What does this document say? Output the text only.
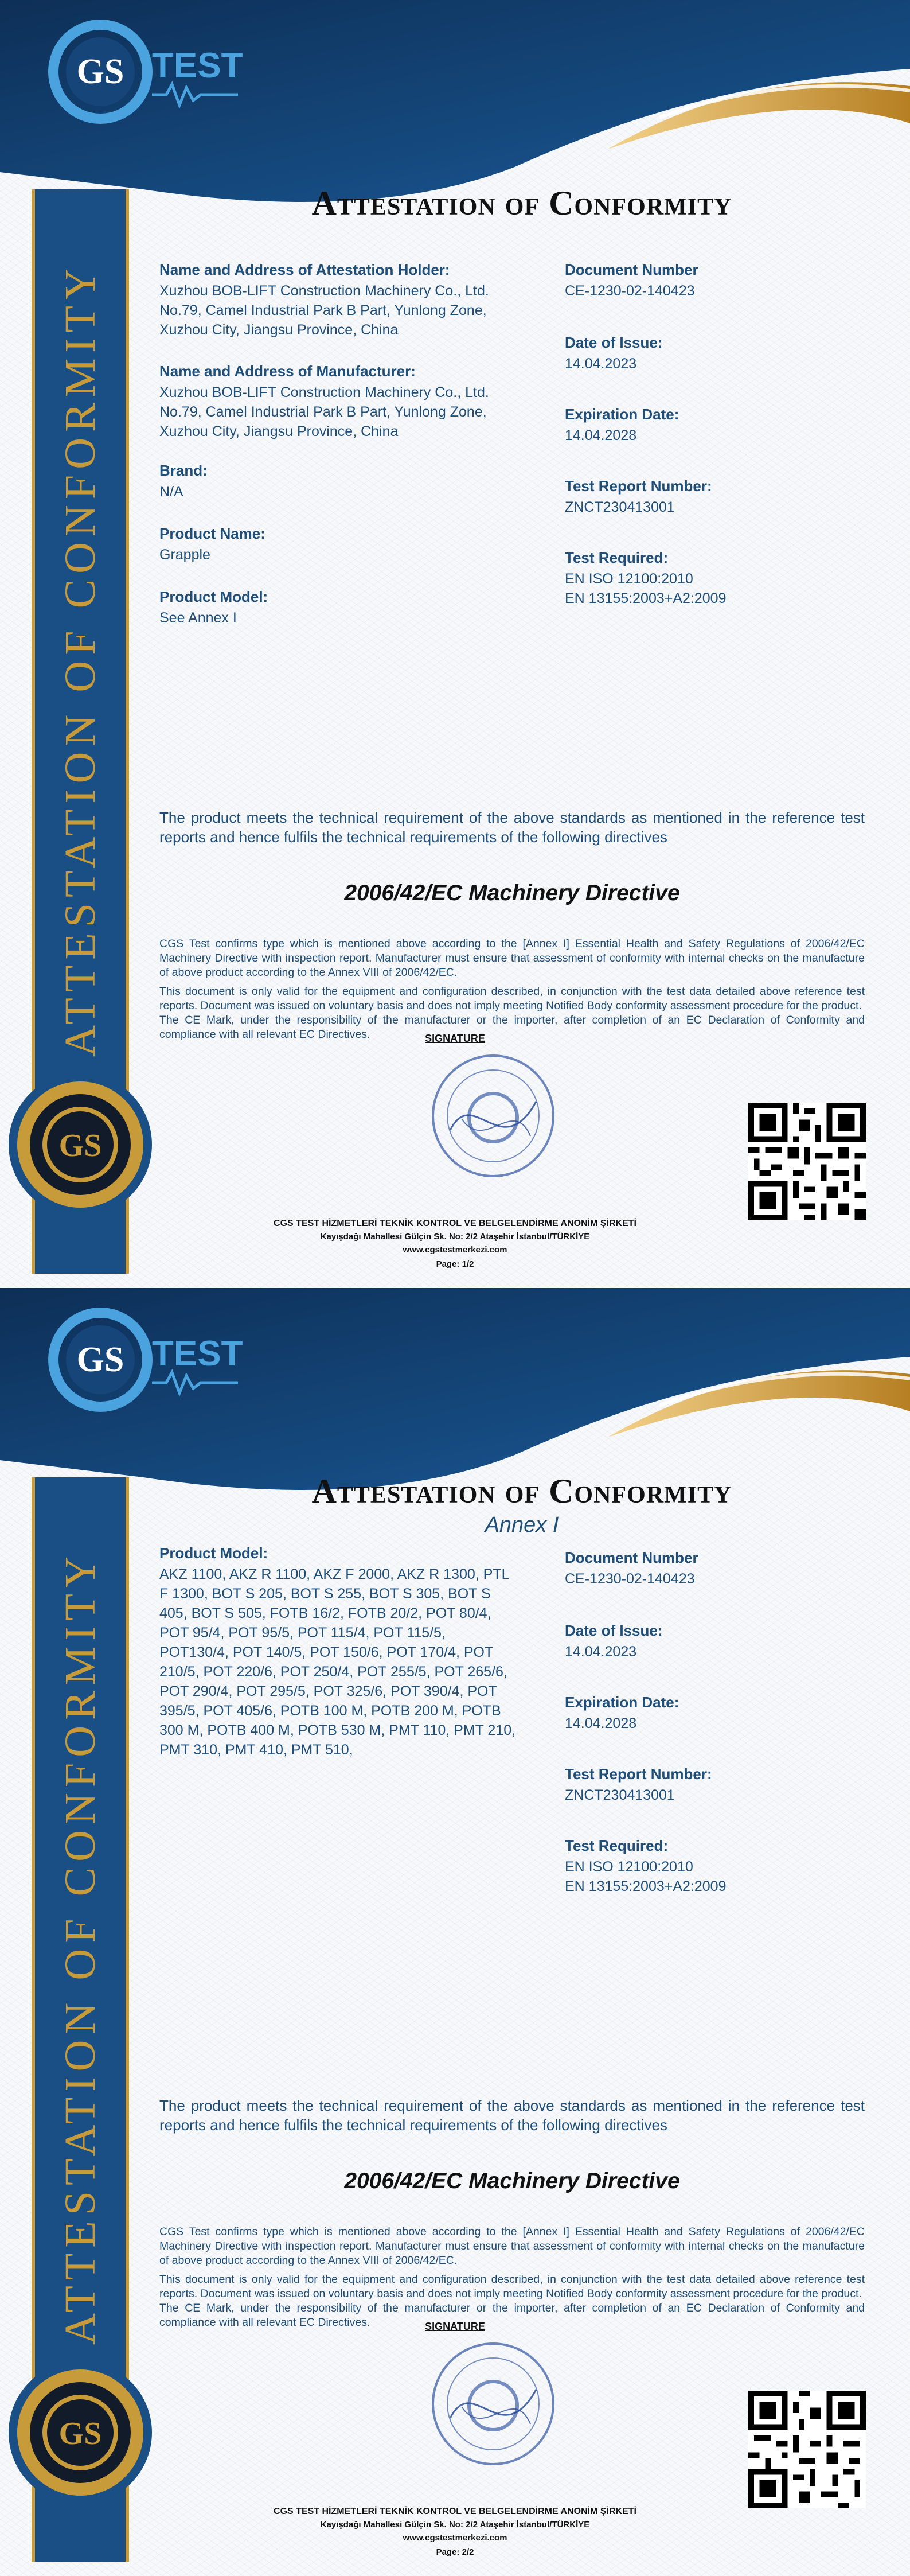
GS TEST
ATTESTATION OF CONFORMITY
GS
Attestation of Conformity
Name and Address of Attestation Holder:
Xuzhou BOB-LIFT Construction Machinery Co., Ltd.
No.79, Camel Industrial Park B Part, Yunlong Zone,
Xuzhou City, Jiangsu Province, China
Name and Address of Manufacturer:
Xuzhou BOB-LIFT Construction Machinery Co., Ltd.
No.79, Camel Industrial Park B Part, Yunlong Zone,
Xuzhou City, Jiangsu Province, China
Brand:
N/A
Product Name:
Grapple
Product Model:
See Annex I
Document Number
CE-1230-02-140423
Date of Issue:
14.04.2023
Expiration Date:
14.04.2028
Test Report Number:
ZNCT230413001
Test Required:
EN ISO 12100:2010
EN 13155:2003+A2:2009
The product meets the technical requirement of the above standards as mentioned in the reference test reports and hence fulfils the technical requirements of the following directives
2006/42/EC Machinery Directive
CGS Test confirms type which is mentioned above according to the [Annex I] Essential Health and Safety Regulations of 2006/42/EC Machinery Directive with inspection report. Manufacturer must ensure that assessment of conformity with internal checks on the manufacture of above product according to the Annex VIII of 2006/42/EC.
This document is only valid for the equipment and configuration described, in conjunction with the test data detailed above reference test reports. Document was issued on voluntary basis and does not imply meeting Notified Body conformity assessment procedure for the product.
The CE Mark, under the responsibility of the manufacturer or the importer, after completion of an EC Declaration of Conformity and compliance with all relevant EC Directives.	SIGNATURE
CGS TEST HİZMETLERİ TEKNİK KONTROL VE BELGELENDİRME ANONİM ŞİRKETİ
Kayışdağı Mahallesi Gülçin Sk. No: 2/2 Ataşehir İstanbul/TÜRKİYE
www.cgstestmerkezi.com
Page: 1/2
GS TEST
ATTESTATION OF CONFORMITY
GS
Attestation of Conformity
Annex I
Product Model:
AKZ 1100, AKZ R 1100, AKZ F 2000, AKZ R 1300, PTL
F 1300, BOT S 205, BOT S 255, BOT S 305, BOT S
405, BOT S 505, FOTB 16/2, FOTB 20/2, POT 80/4,
POT 95/4, POT 95/5, POT 115/4, POT 115/5,
POT130/4, POT 140/5, POT 150/6, POT 170/4, POT
210/5, POT 220/6, POT 250/4, POT 255/5, POT 265/6,
POT 290/4, POT 295/5, POT 325/6, POT 390/4, POT
395/5, POT 405/6, POTB 100 M, POTB 200 M, POTB
300 M, POTB 400 M, POTB 530 M, PMT 110, PMT 210,
PMT 310, PMT 410, PMT 510,
Document Number
CE-1230-02-140423
Date of Issue:
14.04.2023
Expiration Date:
14.04.2028
Test Report Number:
ZNCT230413001
Test Required:
EN ISO 12100:2010
EN 13155:2003+A2:2009
The product meets the technical requirement of the above standards as mentioned in the reference test reports and hence fulfils the technical requirements of the following directives
2006/42/EC Machinery Directive
CGS Test confirms type which is mentioned above according to the [Annex I] Essential Health and Safety Regulations of 2006/42/EC Machinery Directive with inspection report. Manufacturer must ensure that assessment of conformity with internal checks on the manufacture of above product according to the Annex VIII of 2006/42/EC.
This document is only valid for the equipment and configuration described, in conjunction with the test data detailed above reference test reports. Document was issued on voluntary basis and does not imply meeting Notified Body conformity assessment procedure for the product.
The CE Mark, under the responsibility of the manufacturer or the importer, after completion of an EC Declaration of Conformity and compliance with all relevant EC Directives.	SIGNATURE
CGS TEST HİZMETLERİ TEKNİK KONTROL VE BELGELENDİRME ANONİM ŞİRKETİ
Kayışdağı Mahallesi Gülçin Sk. No: 2/2 Ataşehir İstanbul/TÜRKİYE
www.cgstestmerkezi.com
Page: 2/2
